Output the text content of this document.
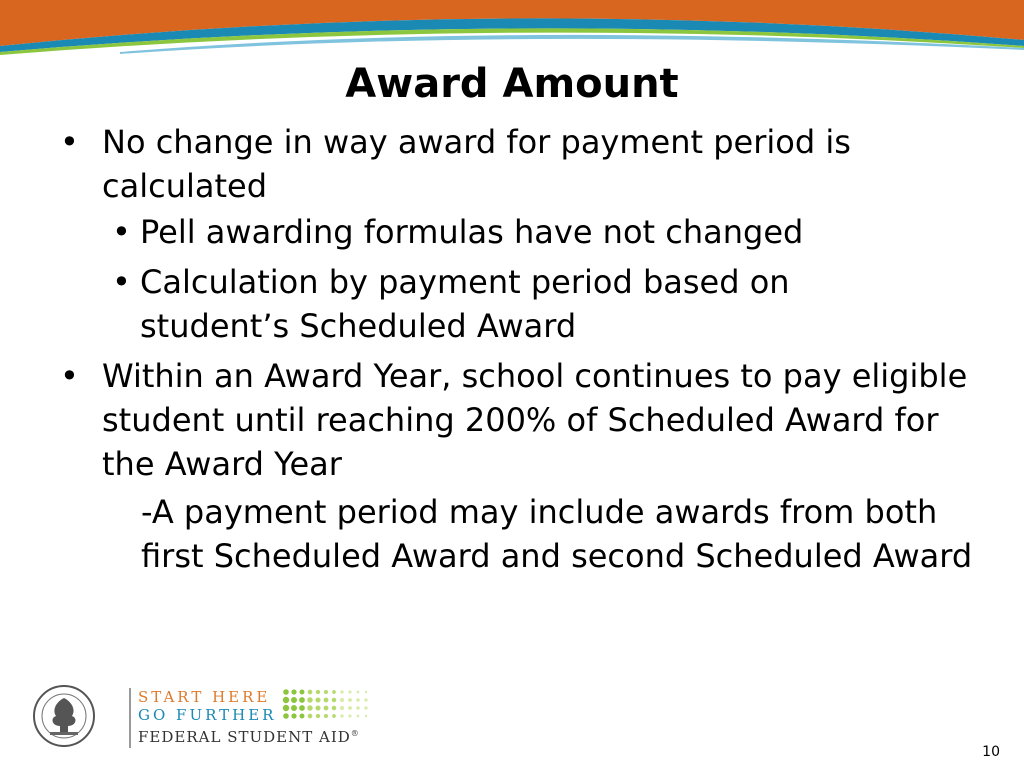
Award Amount
• No change in way award for payment period is calculated
• Pell awarding formulas have not changed
• Calculation by payment period based on student’s Scheduled Award
• Within an Award Year, school continues to pay eligible student until reaching 200% of Scheduled Award for the Award Year
-A payment period may include awards from both first Scheduled Award and second Scheduled Award
START HERE
GO FURTHER
FEDERAL STUDENT AID®
10
